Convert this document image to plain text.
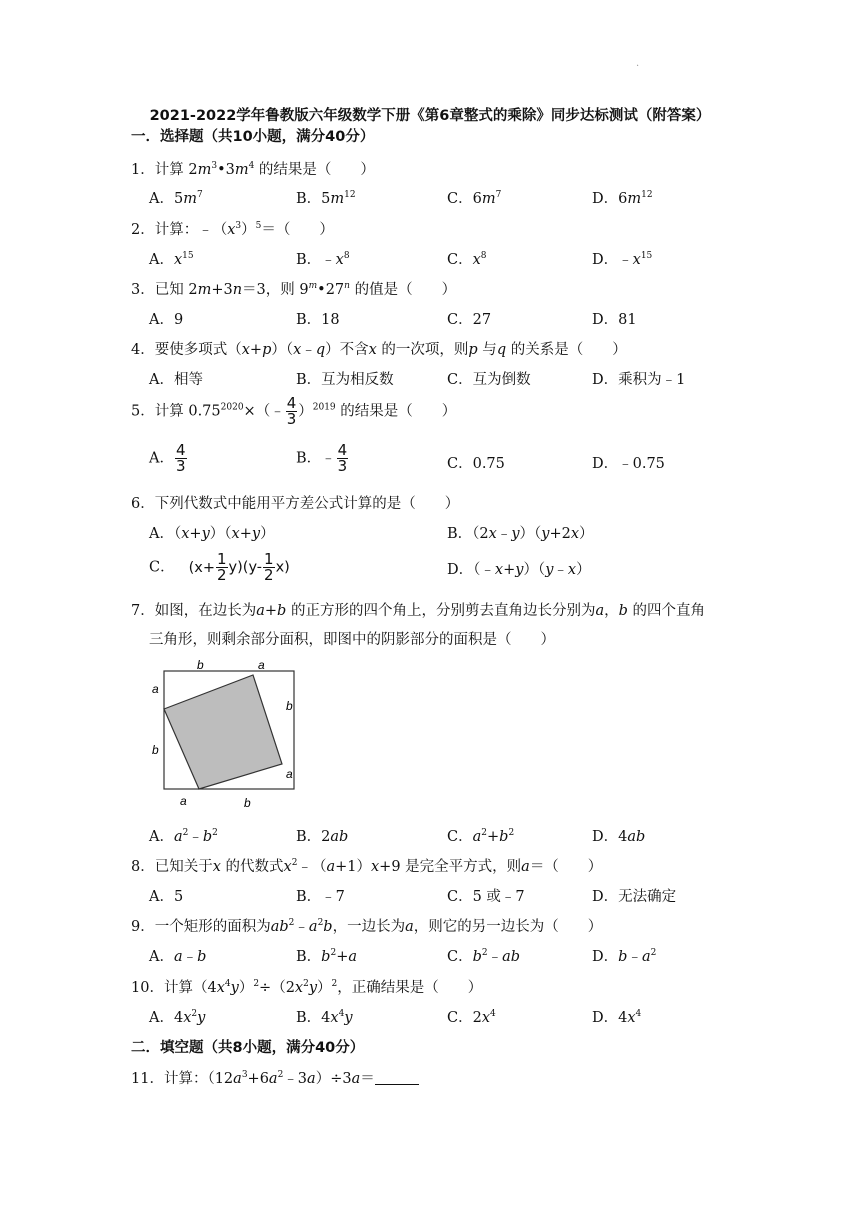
.
2021-2022学年鲁教版六年级数学下册《第6章整式的乘除》同步达标测试（附答案）
一．选择题（共10小题，满分40分）
1．计算 $2m^3•3m^4$ 的结果是（　　）
A．$5m^7$	B．$5m^{12}$	C．$6m^7$	D．$6m^{12}$
2．计算：$﹣(x^3)^5=$（　　）
A．$x^{15}$	B．$﹣x^8$	C．$x^8$	D．$﹣x^{15}$
3．已知 2m+3n＝3，则 9$^m$•27$^n$ 的值是（　　）
A．9	B．18	C．27	D．81
4．要使多项式（x+p）（x﹣q）不含x 的一次项，则p 与q 的关系是（　　）
A．相等	B．互为相反数	C．互为倒数	D．乘积为﹣1
5．计算 $0.75^{2020}\times(﹣ \frac{4}{3} )^{2019}$ 的结果是（　　）
A． $\frac{4}{3}$	B．﹣ $\frac{4}{3}$	C．0.75	D．﹣0.75
6．下列代数式中能用平方差公式计算的是（　　）
A．（x+y）（x+y）	B．（2x﹣y）（y+2x）
C． $(x+ \frac{1}{2} y)(y- \frac{1}{2} x)$	D．（﹣x+y）（y﹣x）
7．如图，在边长为a+b 的正方形的四个角上，分别剪去直角边长分别为a，b 的四个直角
三角形，则剩余部分面积，即图中的阴影部分的面积是（　　）
b	a
a
b
b
a
a	b
A．$a^2﹣b^2$	B．2ab	C．$a^2+b^2$	D．4ab
8．已知关于x 的代数式$x^2﹣(a+1)x+9$ 是完全平方式，则a＝（　　）
A．5	B．﹣7	C．5 或﹣7	D．无法确定
9．一个矩形的面积为$ab^2﹣a^2b$，一边长为a，则它的另一边长为（　　）
A．a﹣b	B．$b^2+a$	C．$b^2﹣ab$	D．$b﹣a^2$
10．计算$(4x^4y)^2\div(2x^2y)^2$，正确结果是（　　）
A．$4x^2y$	B．$4x^4y$	C．$2x^4$	D．$4x^4$
二．填空题（共8小题，满分40分）
11．计算：$(12a^3+6a^2﹣3a)\div 3a=$
